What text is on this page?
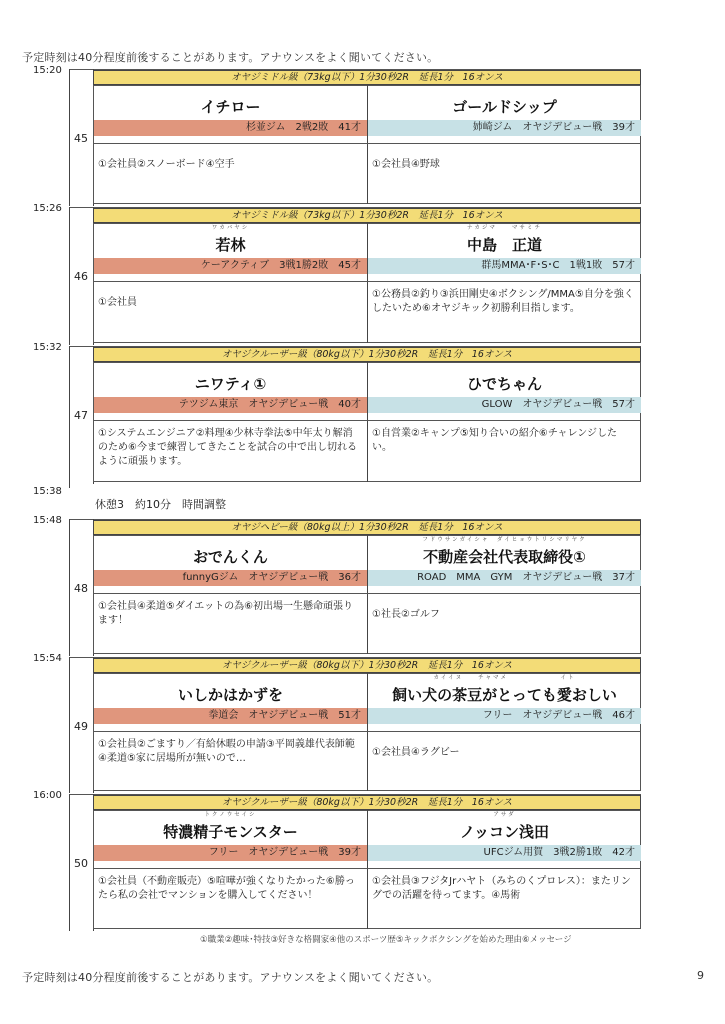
予定時刻は40分程度前後することがあります。アナウンスをよく聞いてください。
15:20
オヤジミドル級（73kg以下）1分30秒2R　延長1分　16オンス
45
イチロー
杉並ジム　2戦2敗　41才
①会社員②スノーボード④空手
ゴールドシップ
姉崎ジム　オヤジデビュー戦　39才
①会社員④野球
15:26
オヤジミドル級（73kg以下）1分30秒2R　延長1分　16オンス
46
ワカバヤシ
若林
ケーアクティブ　3戦1勝2敗　45才
①会社員
ナカジマ　　マサミチ
中島　正道
群馬MMA･F･S･C　1戦1敗　57才
①公務員②釣り③浜田剛史④ボクシング/MMA⑤自分を強くしたいため⑥オヤジキック初勝利目指します。
15:32
オヤジクルーザー級（80kg以下）1分30秒2R　延長1分　16オンス
47
ニワティ①
テツジム東京　オヤジデビュー戦　40才
①システムエンジニア②料理④少林寺拳法⑤中年太り解消のため⑥今まで練習してきたことを試合の中で出し切れるように頑張ります。
ひでちゃん
GLOW　オヤジデビュー戦　57才
①自営業②キャンプ⑤知り合いの紹介⑥チャレンジしたい。
15:48
オヤジヘビー級（80kg以上）1分30秒2R　延長1分　16オンス
48
おでんくん
funnyGジム　オヤジデビュー戦　36才
①会社員④柔道⑤ダイエットの為⑥初出場一生懸命頑張ります！
フドウサンガイシャ　ダイヒョウトリシマリヤク
不動産会社代表取締役①
ROAD　MMA　GYM　オヤジデビュー戦　37才
①社長②ゴルフ
15:54
オヤジクルーザー級（80kg以下）1分30秒2R　延長1分　16オンス
49
いしかはかずを
拳道会　オヤジデビュー戦　51才
①会社員②ごますり／有給休暇の申請③平岡義雄代表師範④柔道⑤家に居場所が無いので…
カイイヌ　　チャマメ　　　　　　　イト
飼い犬の茶豆がとっても愛おしい
フリー　オヤジデビュー戦　46才
①会社員④ラグビー
16:00
オヤジクルーザー級（80kg以下）1分30秒2R　延長1分　16オンス
50
トクノウセイシ
特濃精子モンスター
フリー　オヤジデビュー戦　39才
①会社員（不動産販売）⑤喧嘩が強くなりたかった⑥勝ったら私の会社でマンションを購入してください！
アサダ
ノッコン浅田
UFCジム用賀　3戦2勝1敗　42才
①会社員③フジタJrハヤト（みちのくプロレス）：またリングでの活躍を待ってます。④馬術
15:38
休憩3　約10分　時間調整
①職業②趣味･特技③好きな格闘家④他のスポーツ歴⑤キックボクシングを始めた理由⑥メッセージ
予定時刻は40分程度前後することがあります。アナウンスをよく聞いてください。	9
